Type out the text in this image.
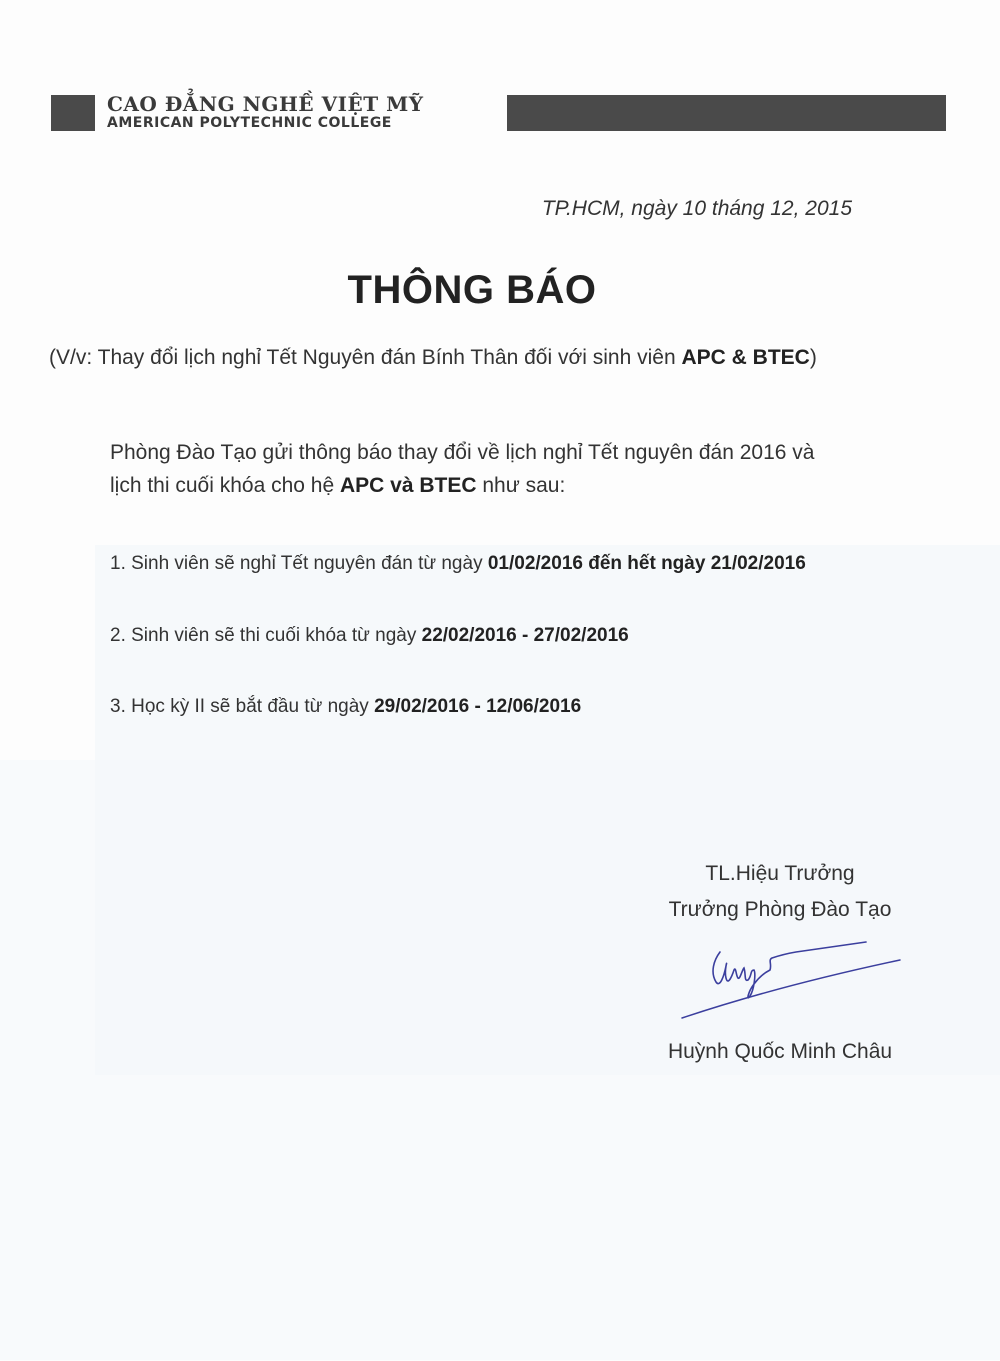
CAO ĐẲNG NGHỀ VIỆT MỸ
AMERICAN POLYTECHNIC COLLEGE
TP.HCM, ngày 10 tháng 12, 2015
THÔNG BÁO
(V/v: Thay đổi lịch nghỉ Tết Nguyên đán Bính Thân đối với sinh viên APC & BTEC)
Phòng Đào Tạo gửi thông báo thay đổi về lịch nghỉ Tết nguyên đán 2016 và
lịch thi cuối khóa cho hệ APC và BTEC như sau:
1. Sinh viên sẽ nghỉ Tết nguyên đán từ ngày 01/02/2016 đến hết ngày 21/02/2016
2. Sinh viên sẽ thi cuối khóa từ ngày 22/02/2016 - 27/02/2016
3. Học kỳ II sẽ bắt đầu từ ngày 29/02/2016 - 12/06/2016
TL.Hiệu Trưởng
Trưởng Phòng Đào Tạo
Huỳnh Quốc Minh Châu
